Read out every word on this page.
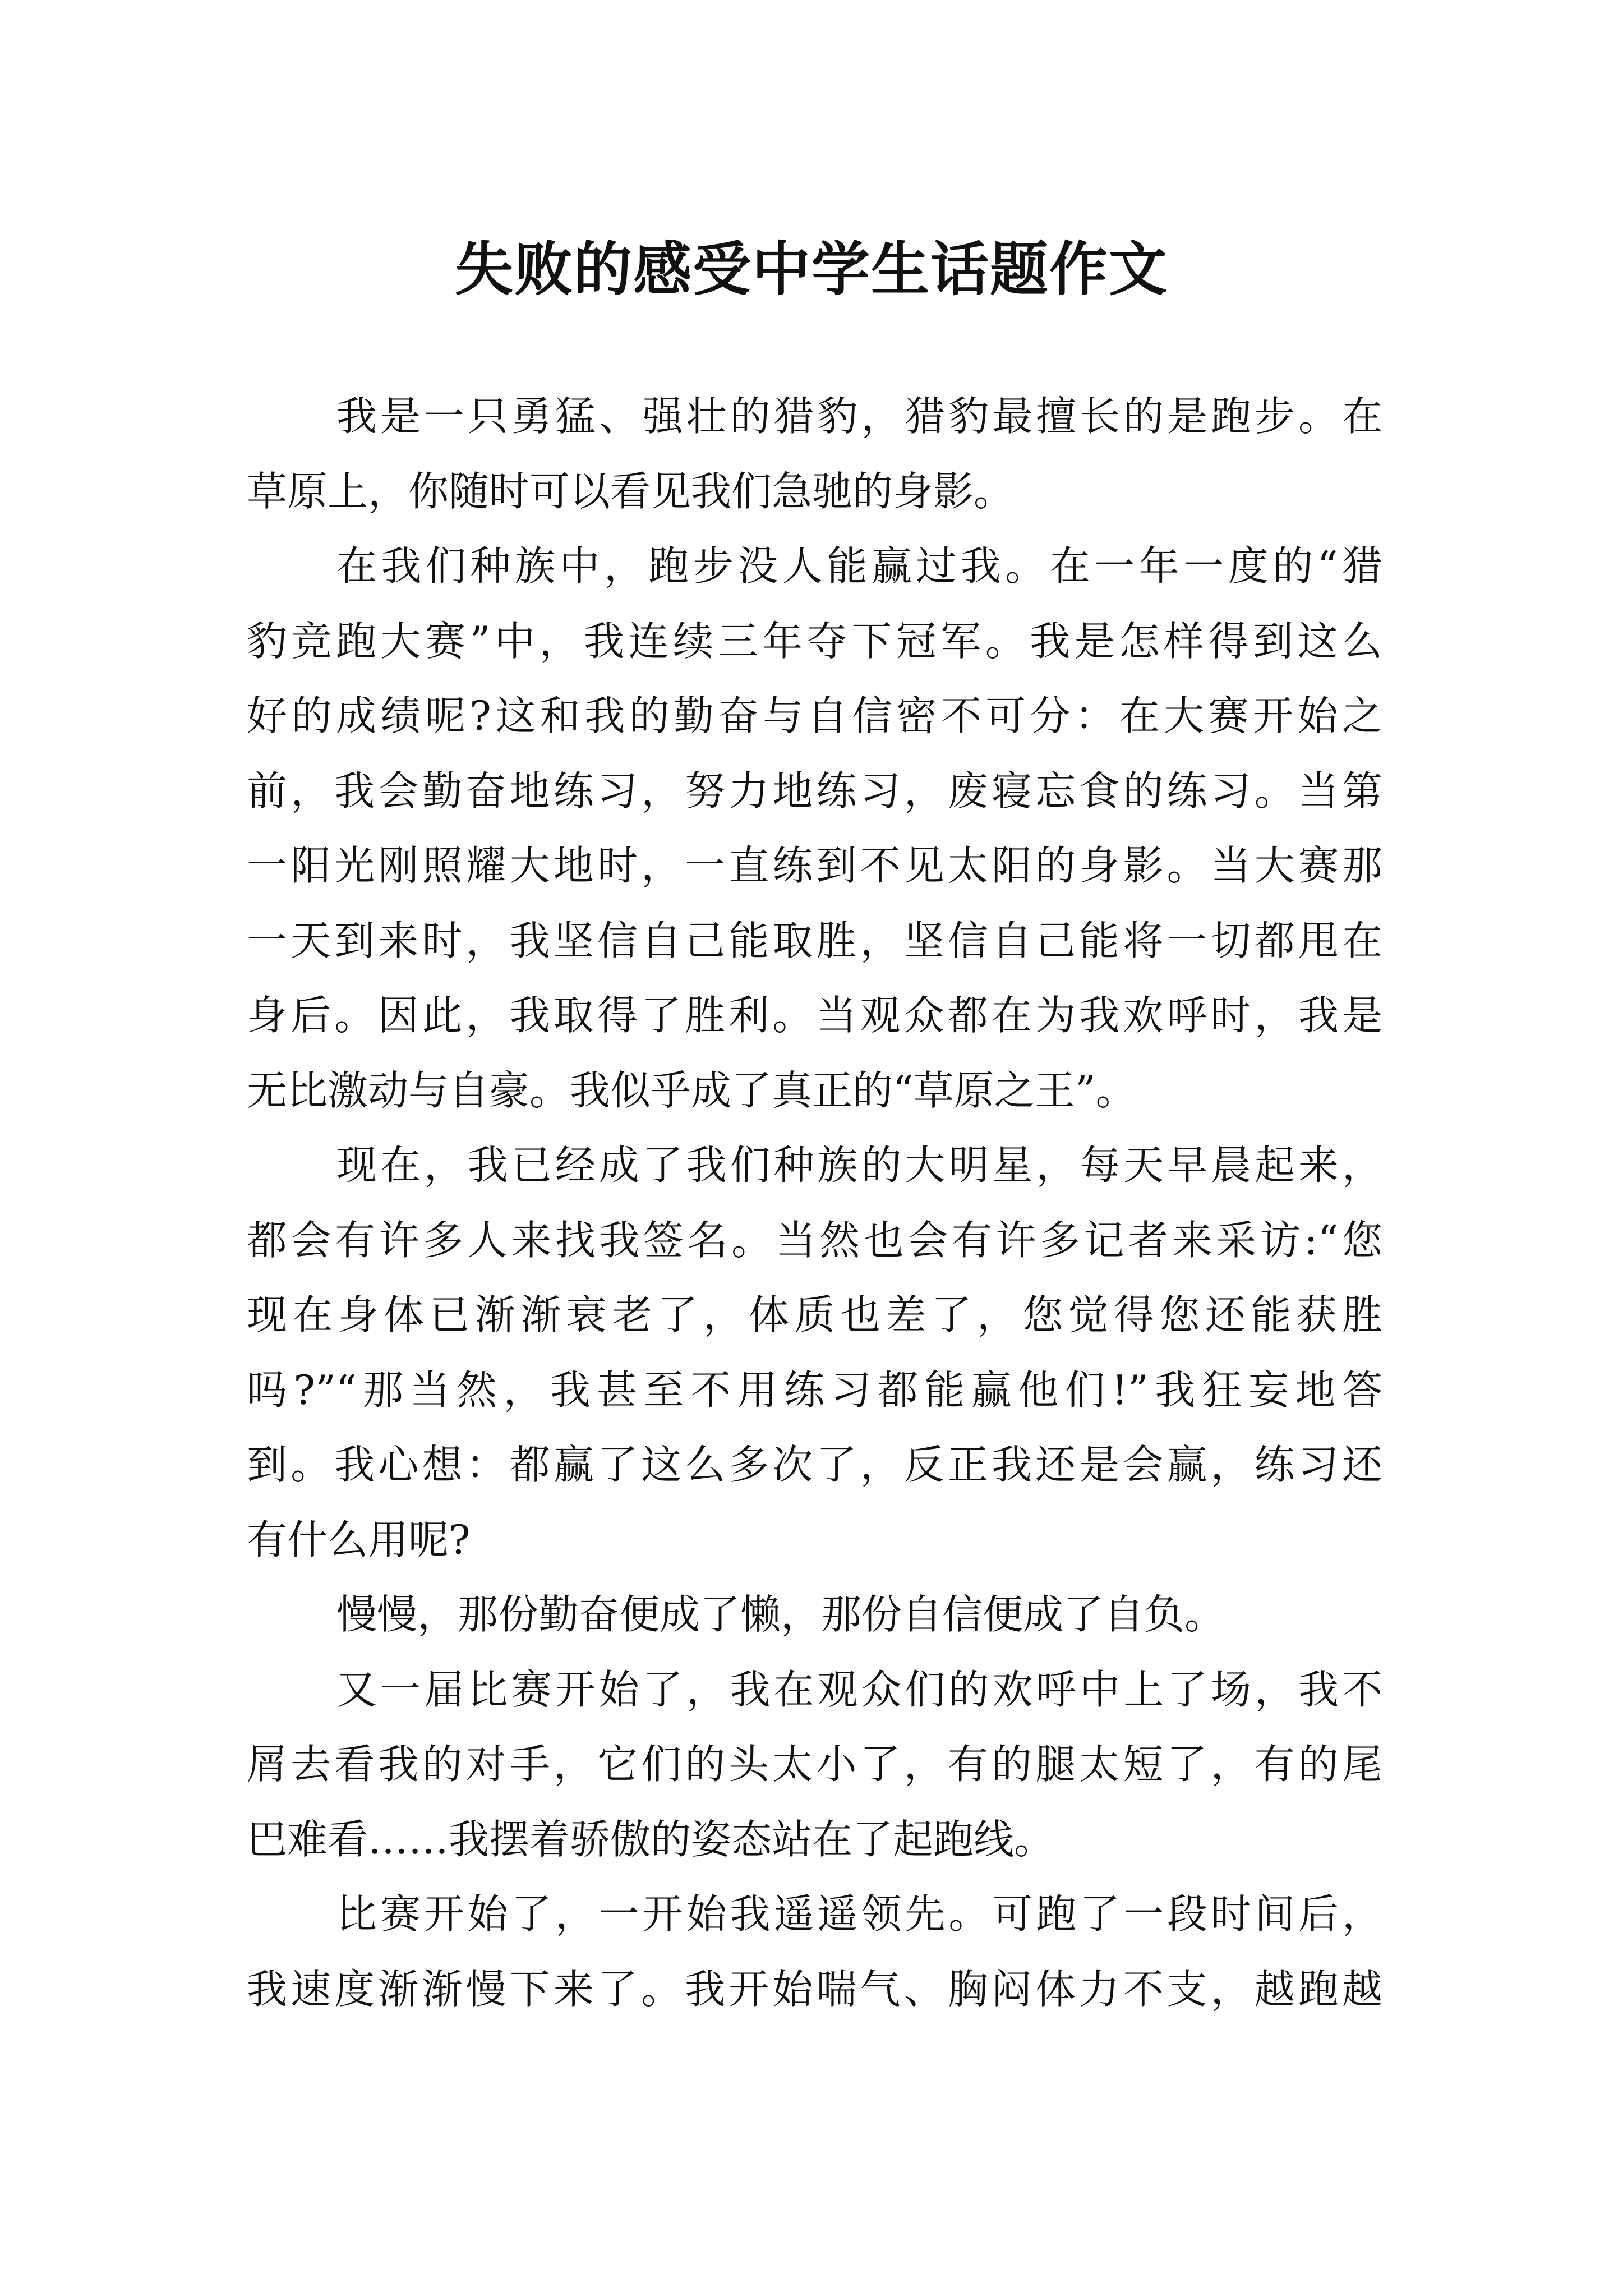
失败的感受中学生话题作文
我是一只勇猛、强壮的猎豹，猎豹最擅长的是跑步。在
草原上，你随时可以看见我们急驰的身影。
在我们种族中，跑步没人能赢过我。在一年一度的“猎
豹竞跑大赛”中，我连续三年夺下冠军。我是怎样得到这么
好的成绩呢?这和我的勤奋与自信密不可分：在大赛开始之
前，我会勤奋地练习，努力地练习，废寝忘食的练习。当第
一阳光刚照耀大地时，一直练到不见太阳的身影。当大赛那
一天到来时，我坚信自己能取胜，坚信自己能将一切都甩在
身后。因此，我取得了胜利。当观众都在为我欢呼时，我是
无比激动与自豪。我似乎成了真正的“草原之王”。
现在，我已经成了我们种族的大明星，每天早晨起来，
都会有许多人来找我签名。当然也会有许多记者来采访:“您
现在身体已渐渐衰老了，体质也差了，您觉得您还能获胜
吗?”“那当然，我甚至不用练习都能赢他们!”我狂妄地答
到。我心想：都赢了这么多次了，反正我还是会赢，练习还
有什么用呢?
慢慢，那份勤奋便成了懒，那份自信便成了自负。
又一届比赛开始了，我在观众们的欢呼中上了场，我不
屑去看我的对手，它们的头太小了，有的腿太短了，有的尾
巴难看……我摆着骄傲的姿态站在了起跑线。
比赛开始了，一开始我遥遥领先。可跑了一段时间后，
我速度渐渐慢下来了。我开始喘气、胸闷体力不支，越跑越
